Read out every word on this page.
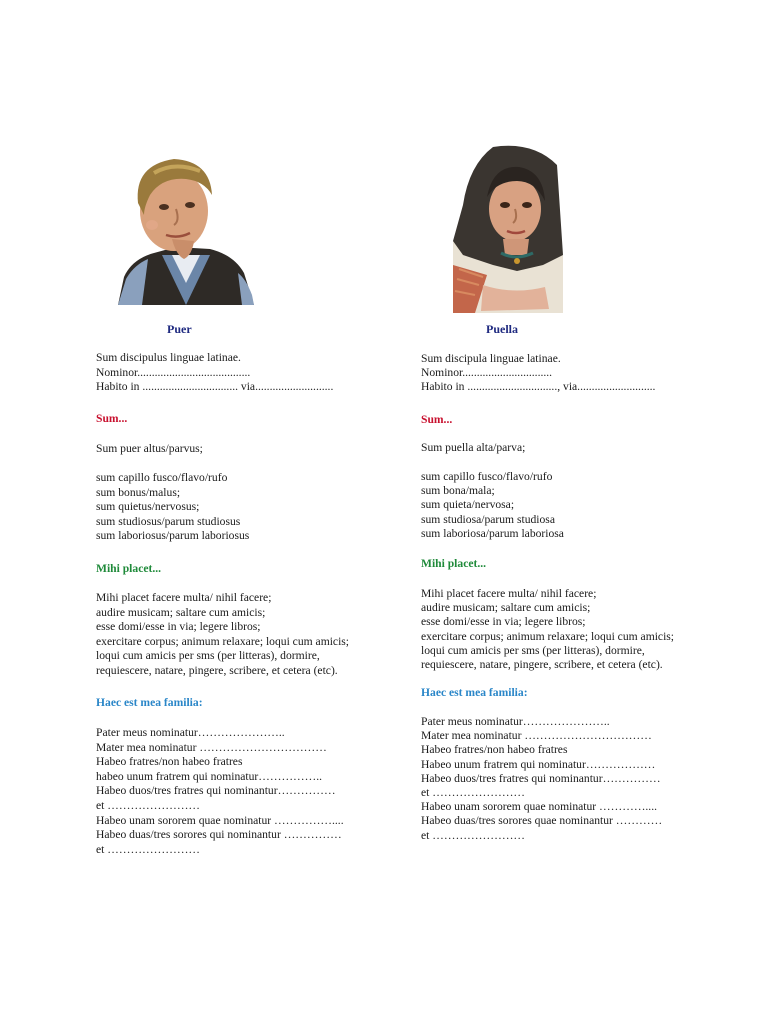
Puer
Sum discipulus linguae latinae.
Nominor.......................................
Habito in ................................. via...........................
Sum...
Sum puer altus/parvus;
sum capillo fusco/flavo/rufo
sum bonus/malus;
sum quietus/nervosus;
sum studiosus/parum studiosus
sum laboriosus/parum laboriosus
Mihi placet...
Mihi placet facere multa/ nihil facere;
audire musicam; saltare cum amicis;
esse domi/esse in via; legere libros;
exercitare corpus; animum relaxare; loqui cum amicis;
loqui cum amicis per sms (per litteras), dormire,
requiescere, natare, pingere, scribere, et cetera (etc).
Haec est mea familia:
Pater meus nominatur…………………..
Mater mea nominatur ……………………………
Habeo fratres/non habeo fratres
habeo unum fratrem qui nominatur……………..
Habeo duos/tres fratres qui nominantur……………
et ……………………
Habeo unam sororem quae nominatur ……………....
Habeo duas/tres sorores qui nominantur ……………
et ……………………
Puella
Sum discipula linguae latinae.
Nominor...............................
Habito in ..............................., via...........................
Sum...
Sum puella alta/parva;
sum capillo fusco/flavo/rufo
sum bona/mala;
sum quieta/nervosa;
sum studiosa/parum studiosa
sum laboriosa/parum laboriosa
Mihi placet...
Mihi placet facere multa/ nihil facere;
audire musicam; saltare cum amicis;
esse domi/esse in via; legere libros;
exercitare corpus; animum relaxare; loqui cum amicis;
loqui cum amicis per sms (per litteras), dormire,
requiescere, natare, pingere, scribere, et cetera (etc).
Haec est mea familia:
Pater meus nominatur…………………..
Mater mea nominatur ……………………………
Habeo fratres/non habeo fratres
Habeo unum fratrem qui nominatur………………
Habeo duos/tres fratres qui nominantur……………
et ……………………
Habeo unam sororem quae nominatur …………....
Habeo duas/tres sorores quae nominantur …………
et ……………………
